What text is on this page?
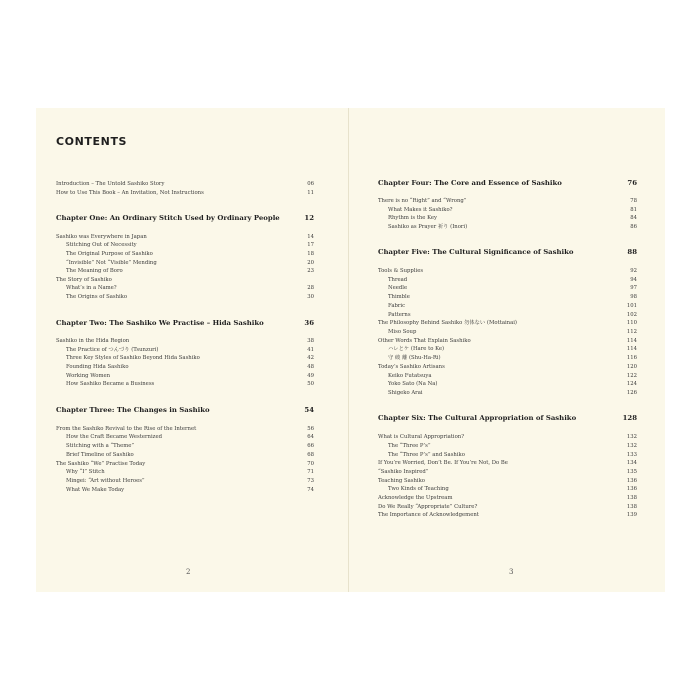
CONTENTS
Introduction – The Untold Sashiko Story	06
How to Use This Book – An Invitation, Not Instructions	11
Chapter One: An Ordinary Stitch Used by Ordinary People	12
Sashiko was Everywhere in Japan	14
Stitching Out of Necessity	17
The Original Purpose of Sashiko	18
“Invisible” Not “Visible” Mending	20
The Meaning of Boro	23
The Story of Sashiko
What’s in a Name?	28
The Origins of Sashiko	30
Chapter Two: The Sashiko We Practise – Hida Sashiko	36
Sashiko in the Hida Region	38
The Practice of つんづり (Tsunzuri)	41
Three Key Styles of Sashiko Beyond Hida Sashiko	42
Founding Hida Sashiko	48
Working Women	49
How Sashiko Became a Business	50
Chapter Three: The Changes in Sashiko	54
From the Sashiko Revival to the Rise of the Internet	56
How the Craft Became Westernized	64
Stitching with a “Theme”	66
Brief Timeline of Sashiko	68
The Sashiko “We” Practise Today	70
Why “I” Stitch	71
Mingei: “Art without Heroes”	73
What We Make Today	74
2
Chapter Four: The Core and Essence of Sashiko	76
There is no “Right” and “Wrong”	78
What Makes it Sashiko?	81
Rhythm is the Key	84
Sashiko as Prayer 祈り (Inori)	86
Chapter Five: The Cultural Significance of Sashiko	88
Tools & Supplies	92
Thread	94
Needle	97
Thimble	98
Fabric	101
Patterns	102
The Philosophy Behind Sashiko 勿体ない (Mottainai)	110
Miso Soup	112
Other Words That Explain Sashiko	114
ハレとケ (Hare to Ke)	114
守 破 離 (Shu-Ha-Ri)	116
Today’s Sashiko Artisans	120
Keiko Futatsuya	122
Yoko Sato (Na Na)	124
Shigeko Arai	126
Chapter Six: The Cultural Appropriation of Sashiko	128
What is Cultural Appropriation?	132
The “Three P’s”	132
The “Three P’s” and Sashiko	133
If You’re Worried, Don’t Be. If You’re Not, Do Be	134
“Sashiko Inspired”	135
Teaching Sashiko	136
Two Kinds of Teaching	136
Acknowledge the Upstream	138
Do We Really “Appropriate” Culture?	138
The Importance of Acknowledgement	139
3
